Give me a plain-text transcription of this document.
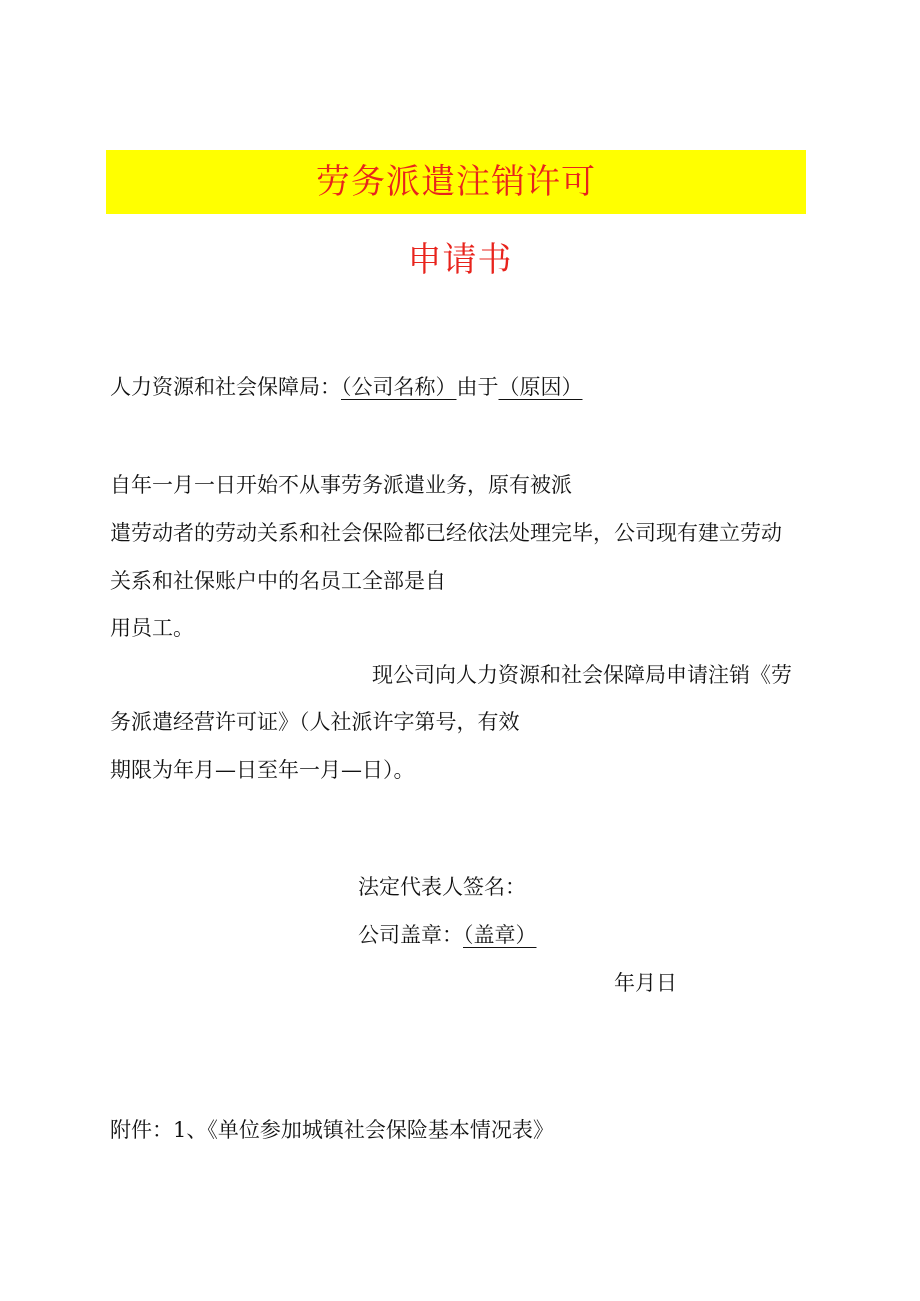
劳务派遣注销许可
申请书
人力资源和社会保障局：（公司名称）由于（原因）
自年一月一日开始不从事劳务派遣业务，原有被派
遣劳动者的劳动关系和社会保险都已经依法处理完毕，公司现有建立劳动
关系和社保账户中的名员工全部是自
用员工。
现公司向人力资源和社会保障局申请注销《劳
务派遣经营许可证》（人社派许字第号，有效
期限为年月—日至年一月—日）。
法定代表人签名：
公司盖章：（盖章）
年月日
附件：1、《单位参加城镇社会保险基本情况表》
